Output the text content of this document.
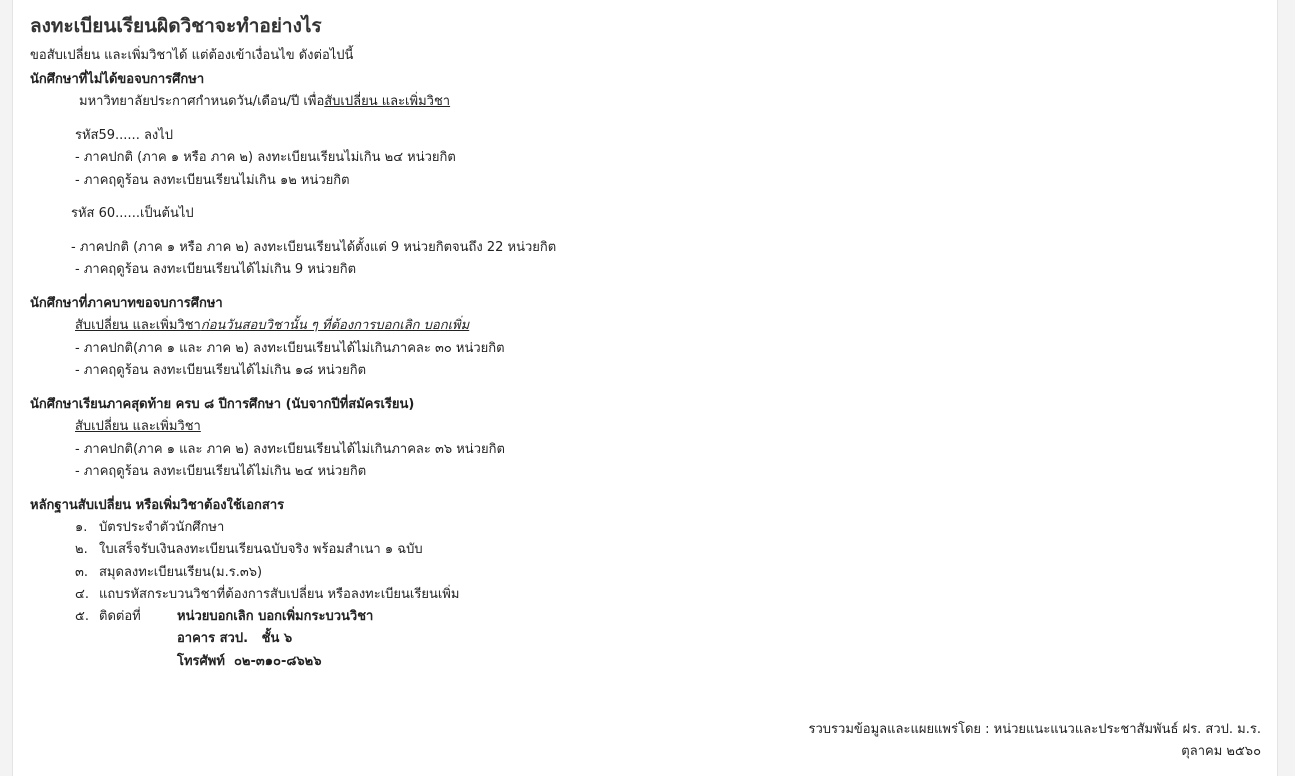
ลงทะเบียนเรียนผิดวิชาจะทำอย่างไร
ขอสับเปลี่ยน และเพิ่มวิชาได้ แต่ต้องเข้าเงื่อนไข ดังต่อไปนี้
นักศึกษาที่ไม่ได้ขอจบการศึกษา
มหาวิทยาลัยประกาศกำหนดวัน/เดือน/ปี เพื่อสับเปลี่ยน และเพิ่มวิชา
รหัส59...... ลงไป
- ภาคปกติ (ภาค ๑ หรือ ภาค ๒) ลงทะเบียนเรียนไม่เกิน ๒๔ หน่วยกิต
- ภาคฤดูร้อน ลงทะเบียนเรียนไม่เกิน ๑๒ หน่วยกิต
รหัส 60......เป็นต้นไป
- ภาคปกติ (ภาค ๑ หรือ ภาค ๒) ลงทะเบียนเรียนได้ตั้งแต่ 9 หน่วยกิตจนถึง 22 หน่วยกิต
- ภาคฤดูร้อน ลงทะเบียนเรียนได้ไม่เกิน 9 หน่วยกิต
นักศึกษาที่ภาคบาทขอจบการศึกษา
สับเปลี่ยน และเพิ่มวิชาก่อนวันสอบวิชานั้น ๆ ที่ต้องการบอกเลิก บอกเพิ่ม
- ภาคปกติ(ภาค ๑ และ ภาค ๒) ลงทะเบียนเรียนได้ไม่เกินภาคละ ๓๐ หน่วยกิต
- ภาคฤดูร้อน ลงทะเบียนเรียนได้ไม่เกิน ๑๘ หน่วยกิต
นักศึกษาเรียนภาคสุดท้าย ครบ ๘ ปีการศึกษา (นับจากปีที่สมัครเรียน)
สับเปลี่ยน และเพิ่มวิชา
- ภาคปกติ(ภาค ๑ และ ภาค ๒) ลงทะเบียนเรียนได้ไม่เกินภาคละ ๓๖ หน่วยกิต
- ภาคฤดูร้อน ลงทะเบียนเรียนได้ไม่เกิน ๒๔ หน่วยกิต
หลักฐานสับเปลี่ยน หรือเพิ่มวิชาต้องใช้เอกสาร
๑. บัตรประจำตัวนักศึกษา
๒. ใบเสร็จรับเงินลงทะเบียนเรียนฉบับจริง พร้อมสำเนา ๑ ฉบับ
๓. สมุดลงทะเบียนเรียน(ม.ร.๓๖)
๔. แถบรหัสกระบวนวิชาที่ต้องการสับเปลี่ยน หรือลงทะเบียนเรียนเพิ่ม
๕. ติดต่อที่	หน่วยบอกเลิก บอกเพิ่มกระบวนวิชา
อาคาร สวป.   ชั้น ๖
โทรศัพท์  ๐๒-๓๑๐-๘๖๒๖
รวบรวมข้อมูลและแผยแพร่โดย : หน่วยแนะแนวและประชาสัมพันธ์ ฝร. สวป. ม.ร.
ตุลาคม ๒๕๖๐
